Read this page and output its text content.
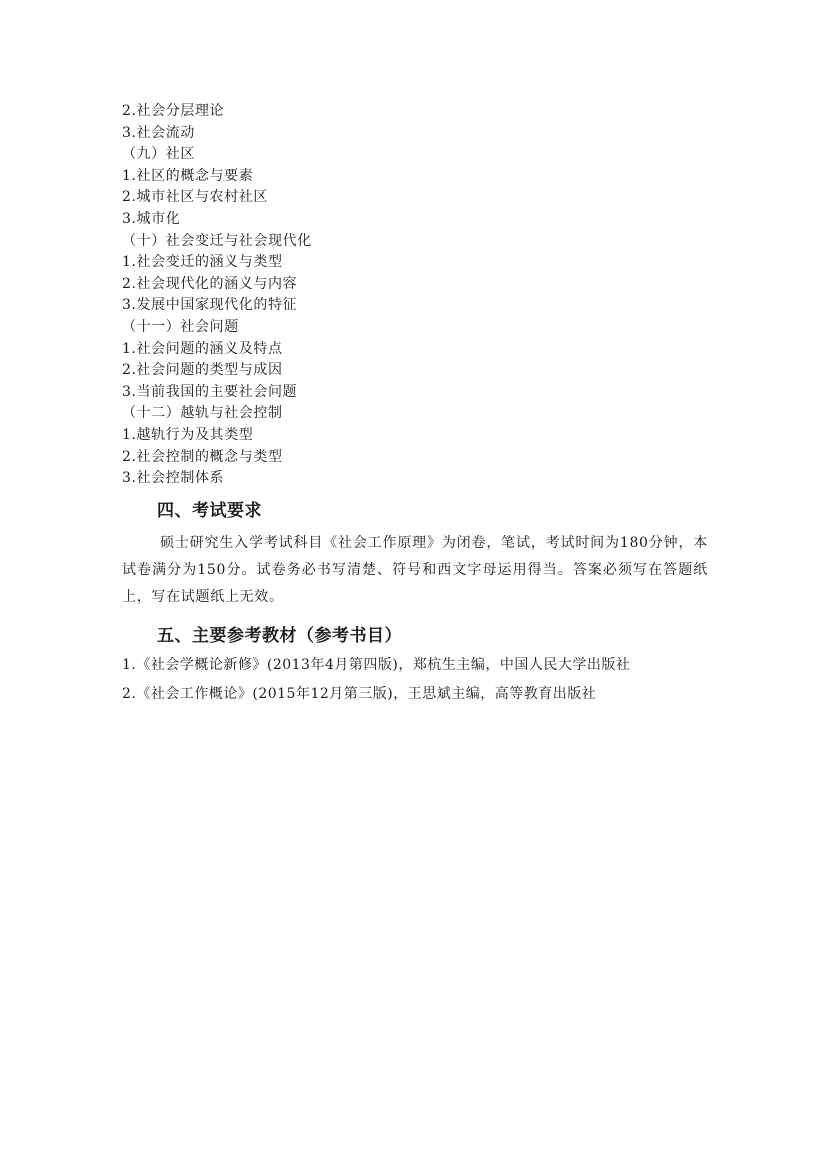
2.社会分层理论
3.社会流动
（九）社区
1.社区的概念与要素
2.城市社区与农村社区
3.城市化
（十）社会变迁与社会现代化
1.社会变迁的涵义与类型
2.社会现代化的涵义与内容
3.发展中国家现代化的特征
（十一）社会问题
1.社会问题的涵义及特点
2.社会问题的类型与成因
3.当前我国的主要社会问题
（十二）越轨与社会控制
1.越轨行为及其类型
2.社会控制的概念与类型
3.社会控制体系
四、考试要求
硕士研究生入学考试科目《社会工作原理》为闭卷，笔试，考试时间为180分钟，本试卷满分为150分。试卷务必书写清楚、符号和西文字母运用得当。答案必须写在答题纸上，写在试题纸上无效。
五、主要参考教材（参考书目）
1.《社会学概论新修》(2013年4月第四版)，郑杭生主编，中国人民大学出版社
2.《社会工作概论》(2015年12月第三版)，王思斌主编，高等教育出版社
